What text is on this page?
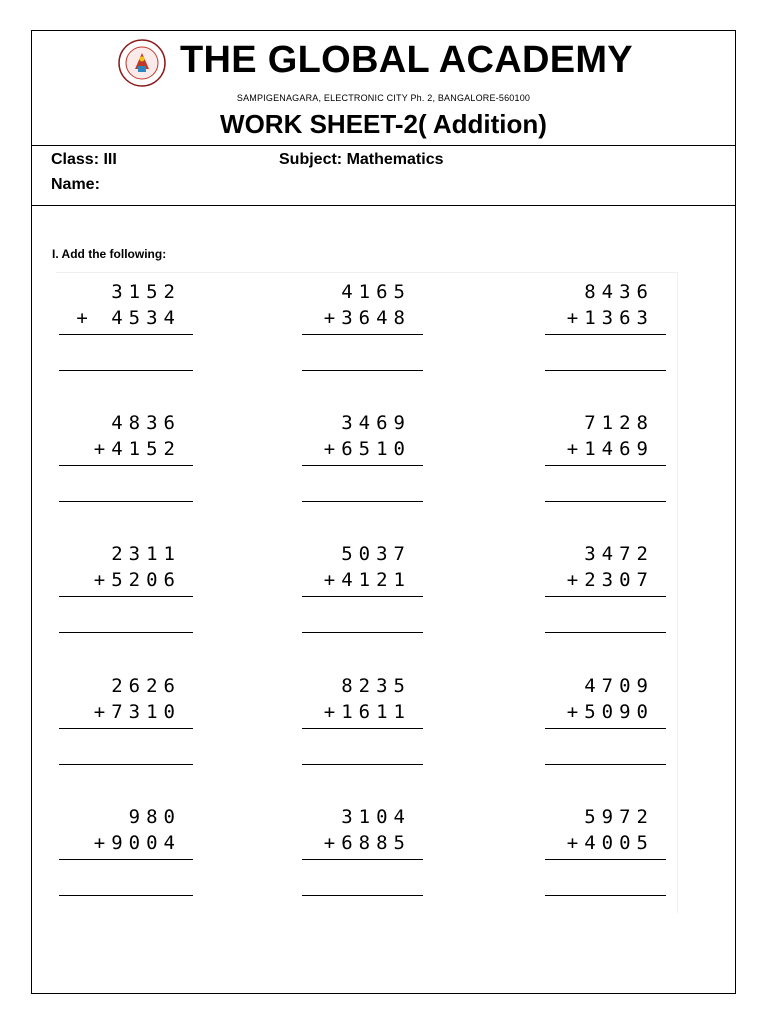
THE GLOBAL ACADEMY
SAMPIGENAGARA, ELECTRONIC CITY Ph. 2, BANGALORE-560100
WORK SHEET-2( Addition)
Class: III	Subject: Mathematics
Name:
I. Add the following:
3152
+ 4534
4165
+3648
8436
+1363
4836
+4152
3469
+6510
7128
+1469
2311
+5206
5037
+4121
3472
+2307
2626
+7310
8235
+1611
4709
+5090
980
+9004
3104
+6885
5972
+4005
